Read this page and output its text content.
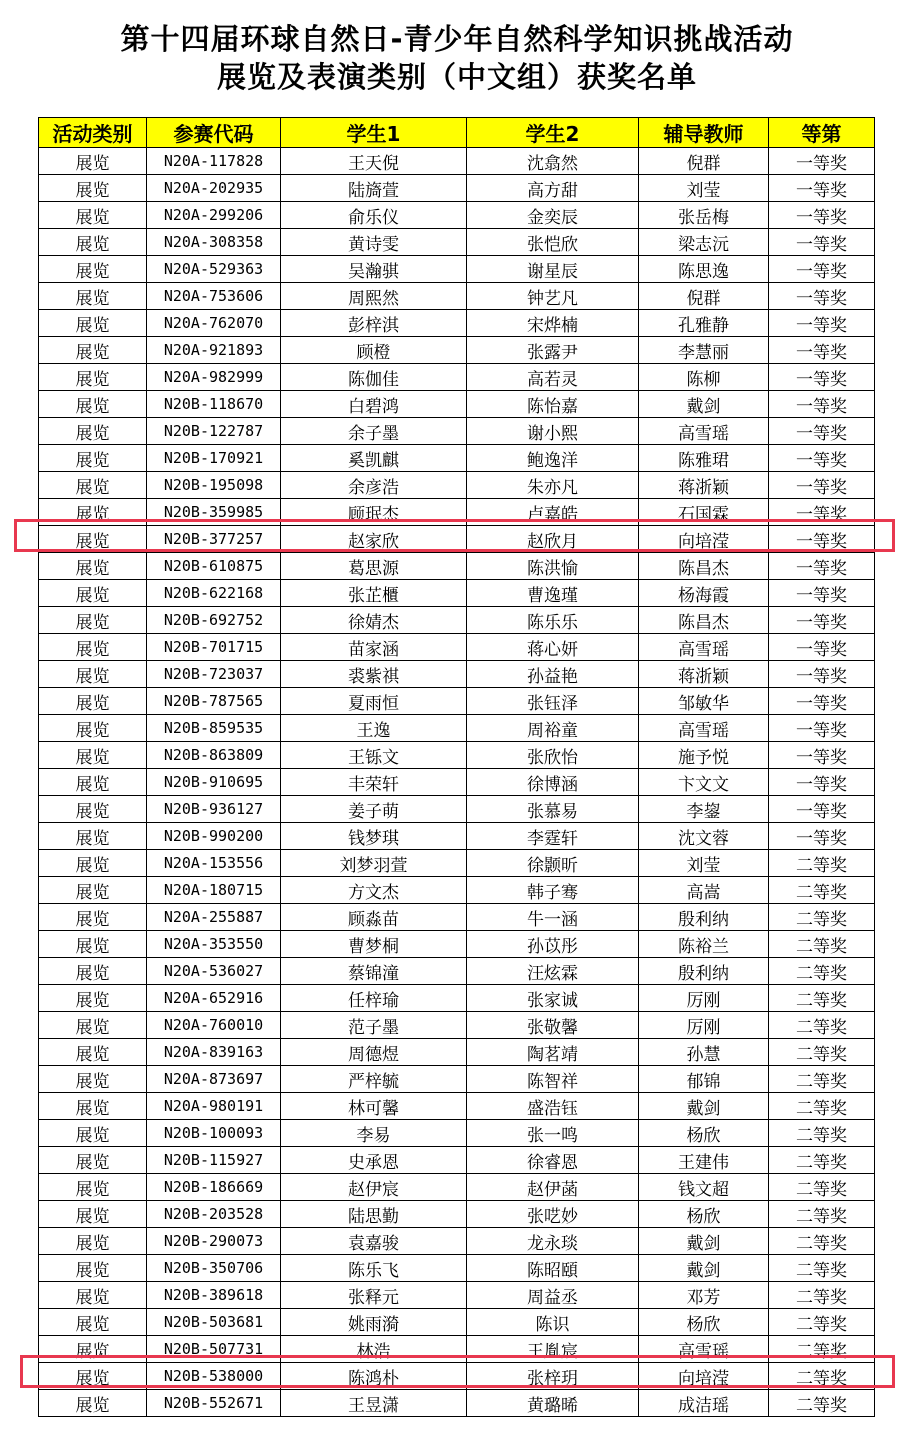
第十四届环球自然日-青少年自然科学知识挑战活动
展览及表演类别（中文组）获奖名单
活动类别	参赛代码	学生1	学生2	辅导教师	等第
展览	N20A-117828	王天倪	沈翕然	倪群	一等奖
展览	N20A-202935	陆旖萱	高方甜	刘莹	一等奖
展览	N20A-299206	俞乐仪	金奕辰	张岳梅	一等奖
展览	N20A-308358	黄诗雯	张恺欣	梁志沅	一等奖
展览	N20A-529363	吴瀚骐	谢星辰	陈思逸	一等奖
展览	N20A-753606	周熙然	钟艺凡	倪群	一等奖
展览	N20A-762070	彭梓淇	宋烨楠	孔雅静	一等奖
展览	N20A-921893	顾橙	张露尹	李慧丽	一等奖
展览	N20A-982999	陈伽佳	高若灵	陈柳	一等奖
展览	N20B-118670	白碧鸿	陈怡嘉	戴剑	一等奖
展览	N20B-122787	余子墨	谢小熙	高雪瑶	一等奖
展览	N20B-170921	奚凯麒	鲍逸洋	陈雅珺	一等奖
展览	N20B-195098	余彦浩	朱亦凡	蒋浙颖	一等奖
展览	N20B-359985	顾珉杰	卢嘉皓	石国霖	一等奖
展览	N20B-377257	赵家欣	赵欣月	向培滢	一等奖
展览	N20B-610875	葛思源	陈洪愉	陈昌杰	一等奖
展览	N20B-622168	张芷櫃	曹逸瑾	杨海霞	一等奖
展览	N20B-692752	徐婧杰	陈乐乐	陈昌杰	一等奖
展览	N20B-701715	苗家涵	蒋心妍	高雪瑶	一等奖
展览	N20B-723037	裘紫祺	孙益艳	蒋浙颖	一等奖
展览	N20B-787565	夏雨恒	张钰泽	邹敏华	一等奖
展览	N20B-859535	王逸	周裕童	高雪瑶	一等奖
展览	N20B-863809	王铄文	张欣怡	施予悦	一等奖
展览	N20B-910695	丰荣轩	徐博涵	卞文文	一等奖
展览	N20B-936127	姜子萌	张慕易	李鋆	一等奖
展览	N20B-990200	钱梦琪	李霆轩	沈文蓉	一等奖
展览	N20A-153556	刘梦羽萱	徐颢昕	刘莹	二等奖
展览	N20A-180715	方文杰	韩子骞	高嵩	二等奖
展览	N20A-255887	顾淼苗	牛一涵	殷利纳	二等奖
展览	N20A-353550	曹梦桐	孙苡彤	陈裕兰	二等奖
展览	N20A-536027	蔡锦潼	汪炫霖	殷利纳	二等奖
展览	N20A-652916	任梓瑜	张家诚	厉刚	二等奖
展览	N20A-760010	范子墨	张敬馨	厉刚	二等奖
展览	N20A-839163	周德煜	陶茗靖	孙慧	二等奖
展览	N20A-873697	严梓毓	陈智祥	郁锦	二等奖
展览	N20A-980191	林可馨	盛浩钰	戴剑	二等奖
展览	N20B-100093	李易	张一鸣	杨欣	二等奖
展览	N20B-115927	史承恩	徐睿恩	王建伟	二等奖
展览	N20B-186669	赵伊宸	赵伊菡	钱文超	二等奖
展览	N20B-203528	陆思勤	张呓妙	杨欣	二等奖
展览	N20B-290073	袁嘉骏	龙永琰	戴剑	二等奖
展览	N20B-350706	陈乐飞	陈昭頤	戴剑	二等奖
展览	N20B-389618	张释元	周益丞	邓芳	二等奖
展览	N20B-503681	姚雨漪	陈识	杨欣	二等奖
展览	N20B-507731	林浩	王胤宸	高雪瑶	二等奖
展览	N20B-538000	陈鸿朴	张梓玥	向培滢	二等奖
展览	N20B-552671	王昱潇	黄璐晞	成洁瑶	二等奖
